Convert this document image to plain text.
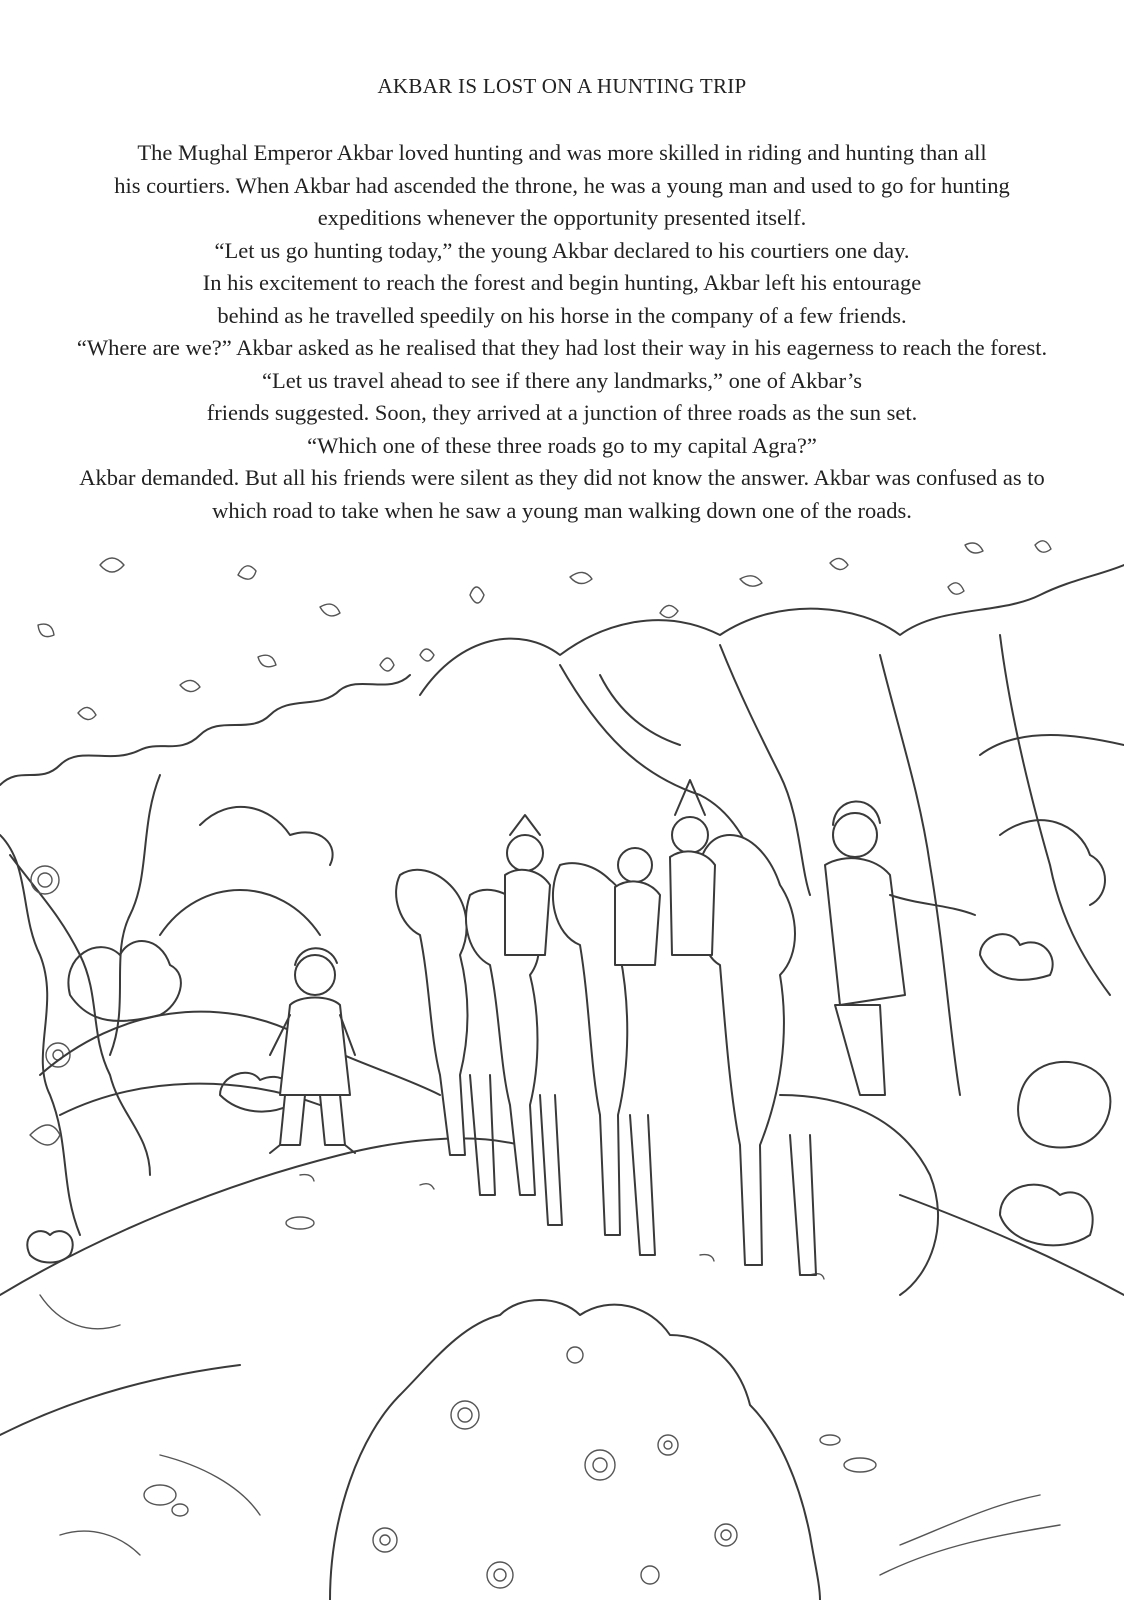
AKBAR IS LOST ON A HUNTING TRIP
The Mughal Emperor Akbar loved hunting and was more skilled in riding and hunting than all
his courtiers. When Akbar had ascended the throne, he was a young man and used to go for hunting
expeditions whenever the opportunity presented itself.
“Let us go hunting today,” the young Akbar declared to his courtiers one day.
In his excitement to reach the forest and begin hunting, Akbar left his entourage
behind as he travelled speedily on his horse in the company of a few friends.
“Where are we?” Akbar asked as he realised that they had lost their way in his eagerness to reach the forest.
“Let us travel ahead to see if there any landmarks,” one of Akbar’s
friends suggested. Soon, they arrived at a junction of three roads as the sun set.
“Which one of these three roads go to my capital Agra?”
Akbar demanded. But all his friends were silent as they did not know the answer. Akbar was confused as to
which road to take when he saw a young man walking down one of the roads.
